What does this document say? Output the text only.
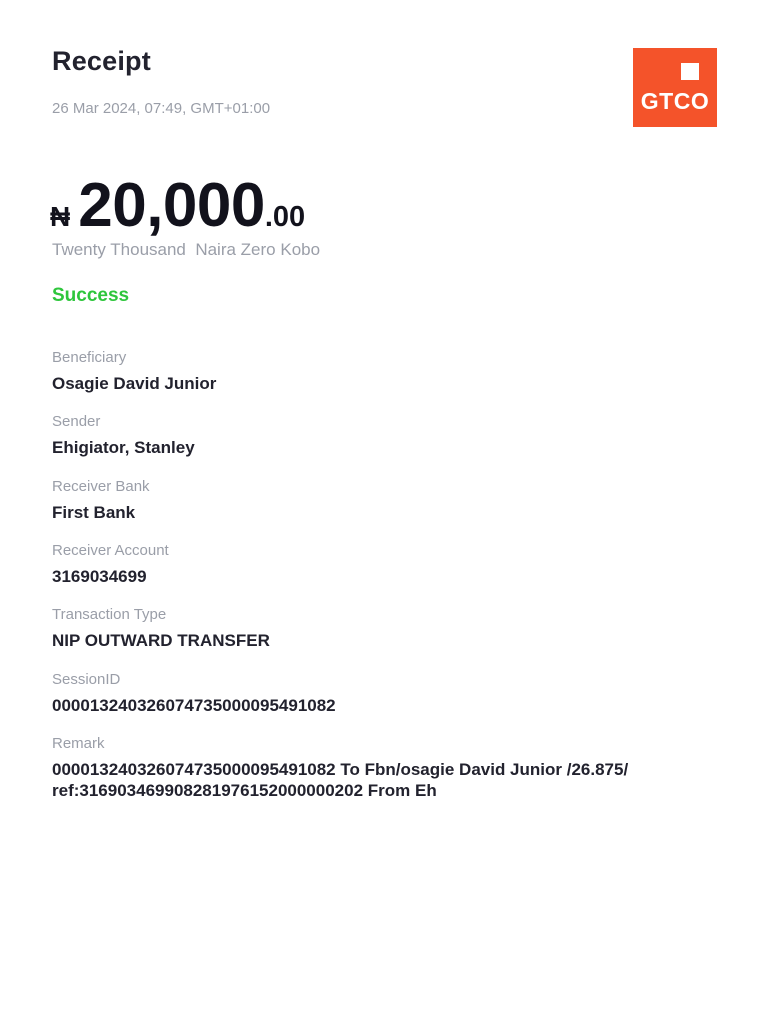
Receipt
26 Mar 2024, 07:49, GMT+01:00	GTCO
₦ 20,000 .00
Twenty Thousand  Naira Zero Kobo
Success
Beneficiary
Osagie David Junior
Sender
Ehigiator, Stanley
Receiver Bank
First Bank
Receiver Account
3169034699
Transaction Type
NIP OUTWARD TRANSFER
SessionID
000013240326074735000095491082
Remark
000013240326074735000095491082 To Fbn/osagie David Junior /26.875/ ref:316903469908281976152000000202 From Eh
